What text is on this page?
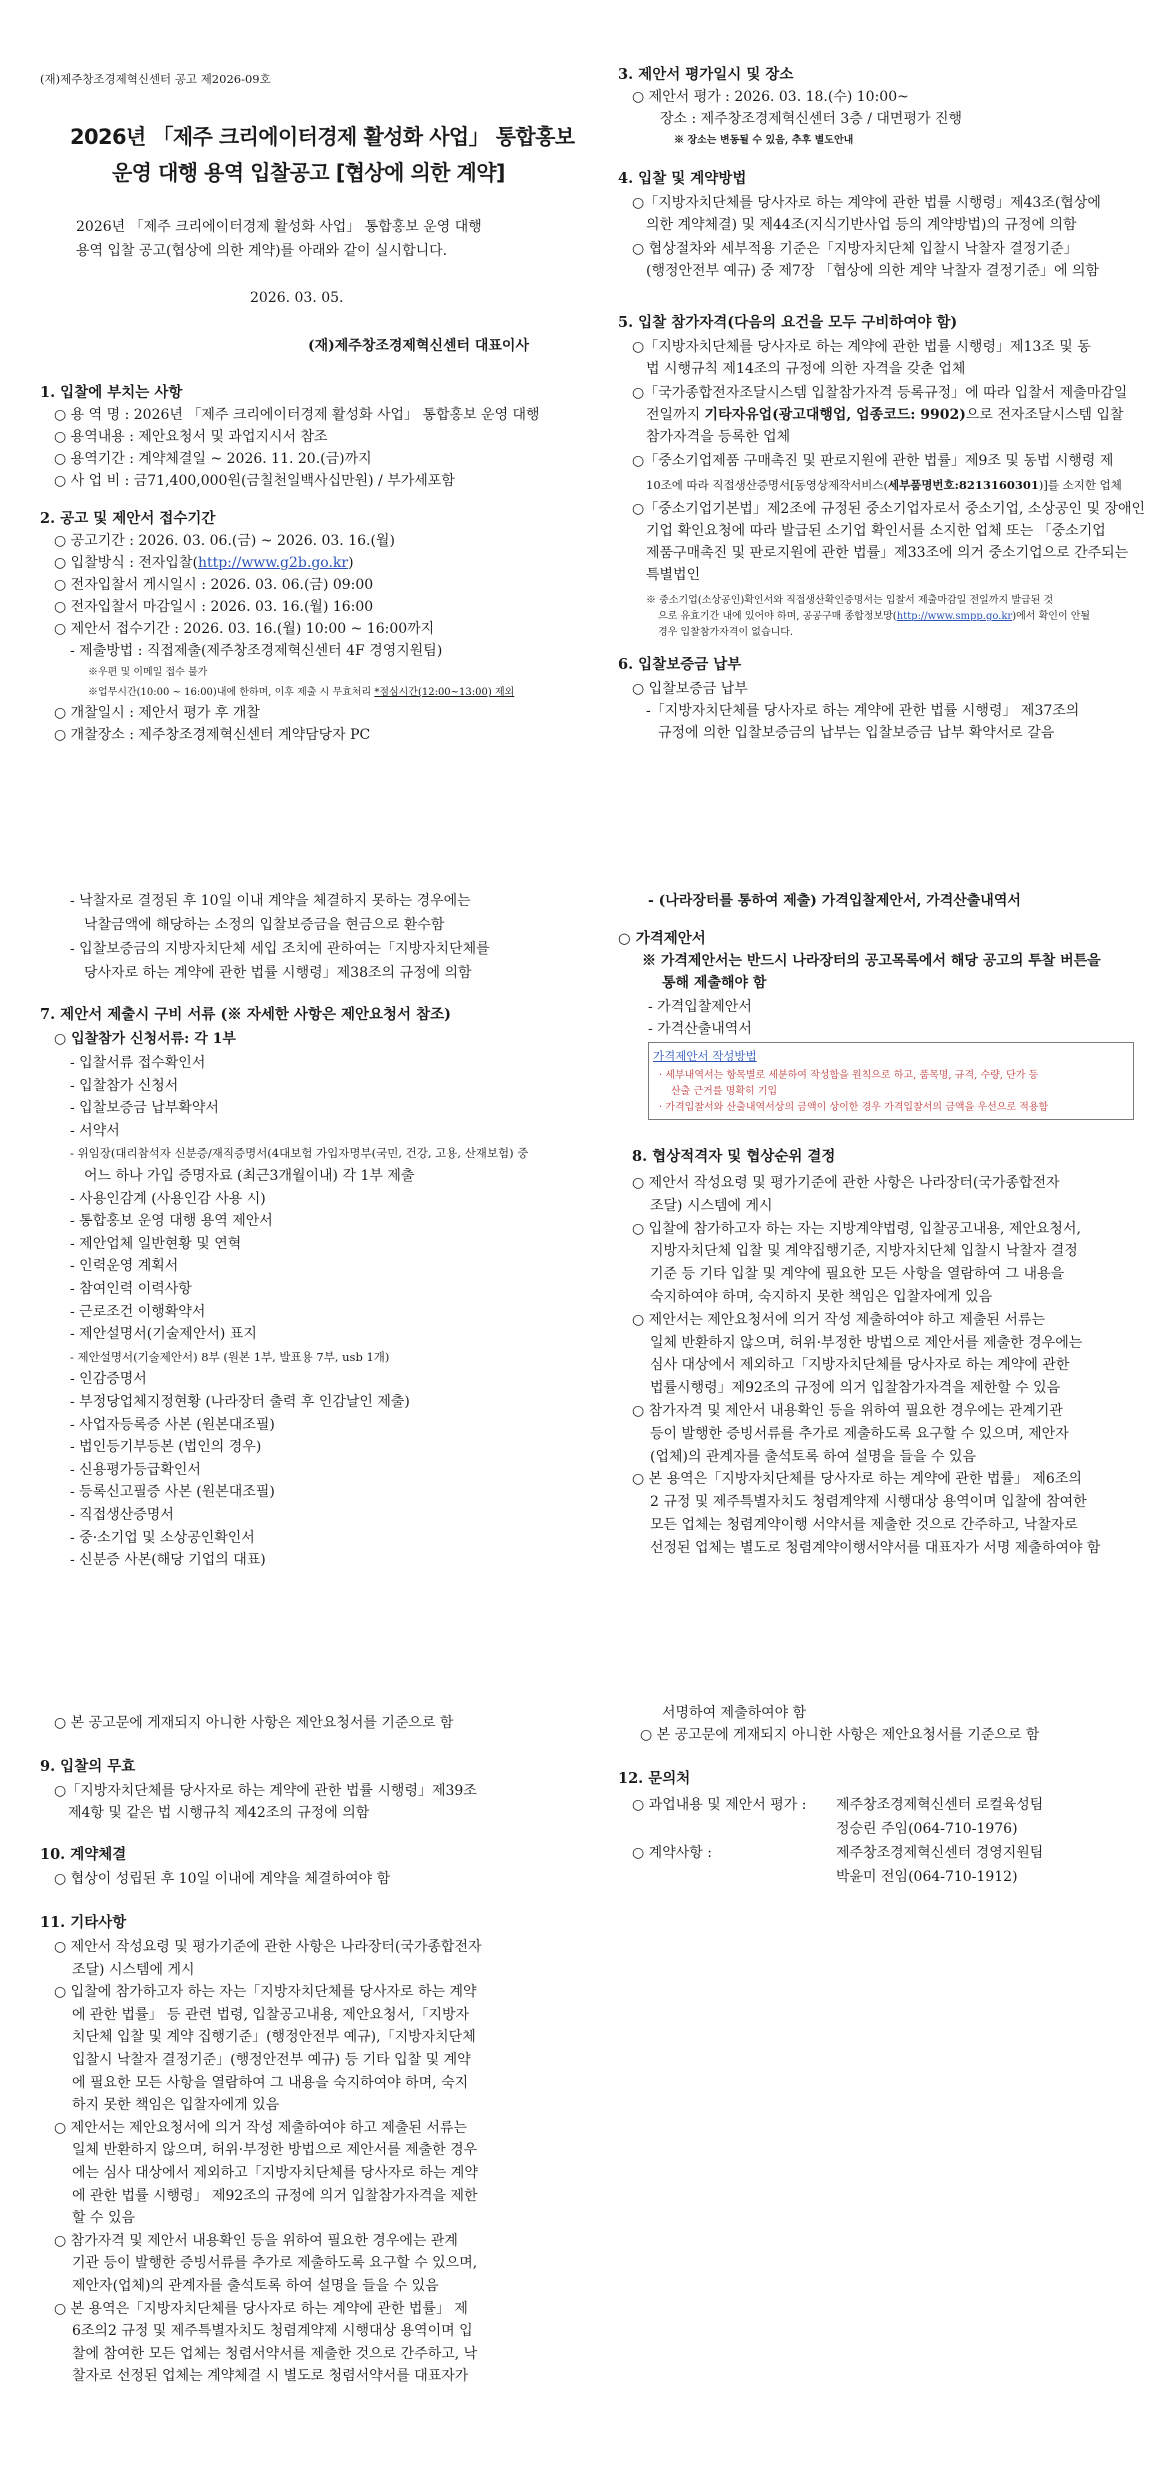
(재)제주창조경제혁신센터 공고 제2026-09호
2026년 「제주 크리에이터경제 활성화 사업」 통합홍보
운영 대행 용역 입찰공고 [협상에 의한 계약]
2026년 「제주 크리에이터경제 활성화 사업」 통합홍보 운영 대행
용역 입찰 공고(협상에 의한 계약)를 아래와 같이 실시합니다.
2026. 03. 05.
(재)제주창조경제혁신센터 대표이사
1. 입찰에 부치는 사항
○ 용 역 명 : 2026년 「제주 크리에이터경제 활성화 사업」 통합홍보 운영 대행
○ 용역내용 : 제안요청서 및 과업지시서 참조
○ 용역기간 : 계약체결일 ~ 2026. 11. 20.(금)까지
○ 사 업 비 : 금71,400,000원(금칠천일백사십만원) / 부가세포함
2. 공고 및 제안서 접수기간
○ 공고기간 : 2026. 03. 06.(금) ~ 2026. 03. 16.(월)
○ 입찰방식 : 전자입찰(http://www.g2b.go.kr)
○ 전자입찰서 게시일시 : 2026. 03. 06.(금) 09:00
○ 전자입찰서 마감일시 : 2026. 03. 16.(월) 16:00
○ 제안서 접수기간 : 2026. 03. 16.(월) 10:00 ~ 16:00까지
- 제출방법 : 직접제출(제주창조경제혁신센터 4F 경영지원팀)
※우편 및 이메일 접수 불가
※업무시간(10:00 ~ 16:00)내에 한하며, 이후 제출 시 무효처리 *점심시간(12:00~13:00) 제외
○ 개찰일시 : 제안서 평가 후 개찰
○ 개찰장소 : 제주창조경제혁신센터 계약담당자 PC
3. 제안서 평가일시 및 장소
○ 제안서 평가 : 2026. 03. 18.(수) 10:00~
장소 : 제주창조경제혁신센터 3층 / 대면평가 진행
※ 장소는 변동될 수 있음, 추후 별도안내
4. 입찰 및 계약방법
○「지방자치단체를 당사자로 하는 계약에 관한 법률 시행령」제43조(협상에
의한 계약체결) 및 제44조(지식기반사업 등의 계약방법)의 규정에 의함
○ 협상절차와 세부적용 기준은「지방자치단체 입찰시 낙찰자 결정기준」
(행정안전부 예규) 중 제7장 「협상에 의한 계약 낙찰자 결정기준」에 의함
5. 입찰 참가자격(다음의 요건을 모두 구비하여야 함)
○「지방자치단체를 당사자로 하는 계약에 관한 법률 시행령」제13조 및 동
법 시행규칙 제14조의 규정에 의한 자격을 갖춘 업체
○「국가종합전자조달시스템 입찰참가자격 등록규정」에 따라 입찰서 제출마감일
전일까지 기타자유업(광고대행업, 업종코드: 9902)으로 전자조달시스템 입찰
참가자격을 등록한 업체
○「중소기업제품 구매촉진 및 판로지원에 관한 법률」제9조 및 동법 시행령 제
10조에 따라 직접생산증명서[동영상제작서비스(세부품명번호:8213160301)]를 소지한 업체
○「중소기업기본법」제2조에 규정된 중소기업자로서 중소기업, 소상공인 및 장애인
기업 확인요청에 따라 발급된 소기업 확인서를 소지한 업체 또는 「중소기업
제품구매촉진 및 판로지원에 관한 법률」제33조에 의거 중소기업으로 간주되는
특별법인
※ 중소기업(소상공인)확인서와 직접생산확인증명서는 입찰서 제출마감일 전일까지 발급된 것
으로 유효기간 내에 있어야 하며, 공공구매 종합정보망(http://www.smpp.go.kr)에서 확인이 안될
경우 입찰참가자격이 없습니다.
6. 입찰보증금 납부
○ 입찰보증금 납부
-「지방자치단체를 당사자로 하는 계약에 관한 법률 시행령」 제37조의
규정에 의한 입찰보증금의 납부는 입찰보증금 납부 확약서로 갈음
- 낙찰자로 결정된 후 10일 이내 계약을 체결하지 못하는 경우에는
낙찰금액에 해당하는 소정의 입찰보증금을 현금으로 환수함
- 입찰보증금의 지방자치단체 세입 조치에 관하여는「지방자치단체를
당사자로 하는 계약에 관한 법률 시행령」제38조의 규정에 의함
7. 제안서 제출시 구비 서류 (※ 자세한 사항은 제안요청서 참조)
○ 입찰참가 신청서류: 각 1부
- 입찰서류 접수확인서
- 입찰참가 신청서
- 입찰보증금 납부확약서
- 서약서
- 위임장(대리참석자 신분증/재직증명서(4대보험 가입자명부(국민, 건강, 고용, 산재보험) 중
어느 하나 가입 증명자료 (최근3개월이내) 각 1부 제출
- 사용인감계 (사용인감 사용 시)
- 통합홍보 운영 대행 용역 제안서
- 제안업체 일반현황 및 연혁
- 인력운영 계획서
- 참여인력 이력사항
- 근로조건 이행확약서
- 제안설명서(기술제안서) 표지
- 제안설명서(기술제안서) 8부 (원본 1부, 발표용 7부, usb 1개)
- 인감증명서
- 부정당업체지정현황 (나라장터 출력 후 인감날인 제출)
- 사업자등록증 사본 (원본대조필)
- 법인등기부등본 (법인의 경우)
- 신용평가등급확인서
- 등록신고필증 사본 (원본대조필)
- 직접생산증명서
- 중·소기업 및 소상공인확인서
- 신분증 사본(해당 기업의 대표)
- (나라장터를 통하여 제출) 가격입찰제안서, 가격산출내역서
○ 가격제안서
※ 가격제안서는 반드시 나라장터의 공고목록에서 해당 공고의 투찰 버튼을
통해 제출해야 함
- 가격입찰제안서
- 가격산출내역서
가격제안서 작성방법
· 세부내역서는 항목별로 세분하여 작성함을 원칙으로 하고, 품목명, 규격, 수량, 단가 등
산출 근거를 명확히 기입
· 가격입찰서와 산출내역서상의 금액이 상이한 경우 가격입찰서의 금액을 우선으로 적용함
8. 협상적격자 및 협상순위 결정
○ 제안서 작성요령 및 평가기준에 관한 사항은 나라장터(국가종합전자
조달) 시스템에 게시
○ 입찰에 참가하고자 하는 자는 지방계약법령, 입찰공고내용, 제안요청서,
지방자치단체 입찰 및 계약집행기준, 지방자치단체 입찰시 낙찰자 결정
기준 등 기타 입찰 및 계약에 필요한 모든 사항을 열람하여 그 내용을
숙지하여야 하며, 숙지하지 못한 책임은 입찰자에게 있음
○ 제안서는 제안요청서에 의거 작성 제출하여야 하고 제출된 서류는
일체 반환하지 않으며, 허위·부정한 방법으로 제안서를 제출한 경우에는
심사 대상에서 제외하고「지방자치단체를 당사자로 하는 계약에 관한
법률시행령」제92조의 규정에 의거 입찰참가자격을 제한할 수 있음
○ 참가자격 및 제안서 내용확인 등을 위하여 필요한 경우에는 관계기관
등이 발행한 증빙서류를 추가로 제출하도록 요구할 수 있으며, 제안자
(업체)의 관계자를 출석토록 하여 설명을 들을 수 있음
○ 본 용역은「지방자치단체를 당사자로 하는 계약에 관한 법률」 제6조의
2 규정 및 제주특별자치도 청렴계약제 시행대상 용역이며 입찰에 참여한
모든 업체는 청렴계약이행 서약서를 제출한 것으로 간주하고, 낙찰자로
선정된 업체는 별도로 청렴계약이행서약서를 대표자가 서명 제출하여야 함
○ 본 공고문에 게재되지 아니한 사항은 제안요청서를 기준으로 함
9. 입찰의 무효
○「지방자치단체를 당사자로 하는 계약에 관한 법률 시행령」제39조
제4항 및 같은 법 시행규칙 제42조의 규정에 의함
10. 계약체결
○ 협상이 성립된 후 10일 이내에 계약을 체결하여야 함
11. 기타사항
○ 제안서 작성요령 및 평가기준에 관한 사항은 나라장터(국가종합전자
조달) 시스템에 게시
○ 입찰에 참가하고자 하는 자는「지방자치단체를 당사자로 하는 계약
에 관한 법률」 등 관련 법령, 입찰공고내용, 제안요청서,「지방자
치단체 입찰 및 계약 집행기준」(행정안전부 예규),「지방자치단체
입찰시 낙찰자 결정기준」(행정안전부 예규) 등 기타 입찰 및 계약
에 필요한 모든 사항을 열람하여 그 내용을 숙지하여야 하며, 숙지
하지 못한 책임은 입찰자에게 있음
○ 제안서는 제안요청서에 의거 작성 제출하여야 하고 제출된 서류는
일체 반환하지 않으며, 허위·부정한 방법으로 제안서를 제출한 경우
에는 심사 대상에서 제외하고「지방자치단체를 당사자로 하는 계약
에 관한 법률 시행령」 제92조의 규정에 의거 입찰참가자격을 제한
할 수 있음
○ 참가자격 및 제안서 내용확인 등을 위하여 필요한 경우에는 관계
기관 등이 발행한 증빙서류를 추가로 제출하도록 요구할 수 있으며,
제안자(업체)의 관계자를 출석토록 하여 설명을 들을 수 있음
○ 본 용역은「지방자치단체를 당사자로 하는 계약에 관한 법률」 제
6조의2 규정 및 제주특별자치도 청렴계약제 시행대상 용역이며 입
찰에 참여한 모든 업체는 청렴서약서를 제출한 것으로 간주하고, 낙
찰자로 선정된 업체는 계약체결 시 별도로 청렴서약서를 대표자가
서명하여 제출하여야 함
○ 본 공고문에 게재되지 아니한 사항은 제안요청서를 기준으로 함
12. 문의처
○ 과업내용 및 제안서 평가 : 제주창조경제혁신센터 로컬육성팀
정승린 주임(064-710-1976)
○ 계약사항 :	제주창조경제혁신센터 경영지원팀
박윤미 전임(064-710-1912)
